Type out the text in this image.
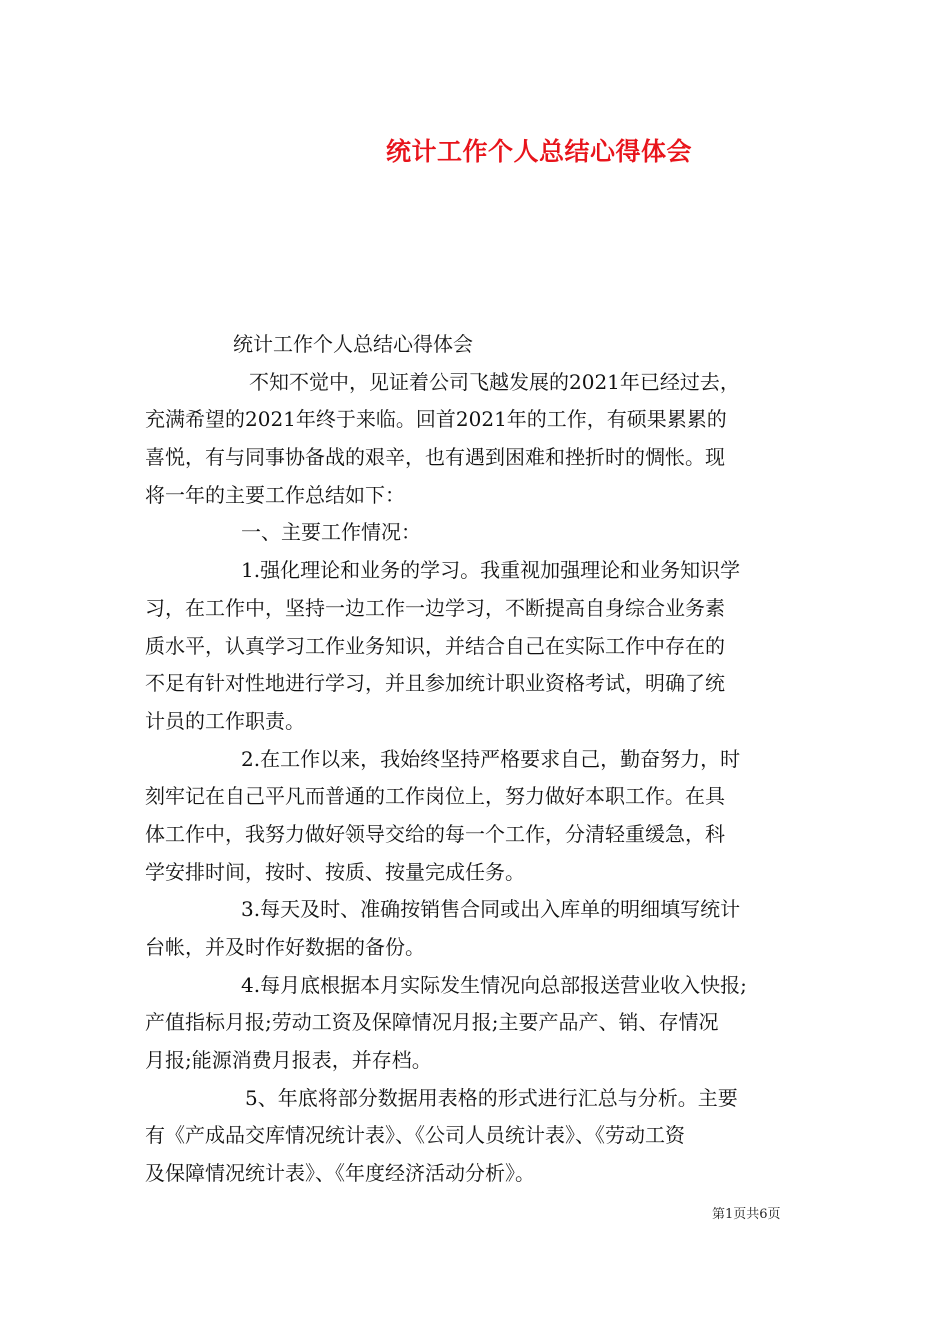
统计工作个人总结心得体会
统计工作个人总结心得体会
不知不觉中，见证着公司飞越发展的2021年已经过去，
充满希望的2021年终于来临。回首2021年的工作，有硕果累累的
喜悦，有与同事协备战的艰辛，也有遇到困难和挫折时的惆怅。现
将一年的主要工作总结如下：
一、主要工作情况：
1.强化理论和业务的学习。我重视加强理论和业务知识学
习，在工作中，坚持一边工作一边学习，不断提高自身综合业务素
质水平，认真学习工作业务知识，并结合自己在实际工作中存在的
不足有针对性地进行学习，并且参加统计职业资格考试，明确了统
计员的工作职责。
2.在工作以来，我始终坚持严格要求自己，勤奋努力，时
刻牢记在自己平凡而普通的工作岗位上，努力做好本职工作。在具
体工作中，我努力做好领导交给的每一个工作，分清轻重缓急，科
学安排时间，按时、按质、按量完成任务。
3.每天及时、准确按销售合同或出入库单的明细填写统计
台帐，并及时作好数据的备份。
4.每月底根据本月实际发生情况向总部报送营业收入快报;
产值指标月报;劳动工资及保障情况月报;主要产品产、销、存情况
月报;能源消费月报表，并存档。
5、年底将部分数据用表格的形式进行汇总与分析。主要
有《产成品交库情况统计表》、《公司人员统计表》、《劳动工资
及保障情况统计表》、《年度经济活动分析》。
第1页共6页
